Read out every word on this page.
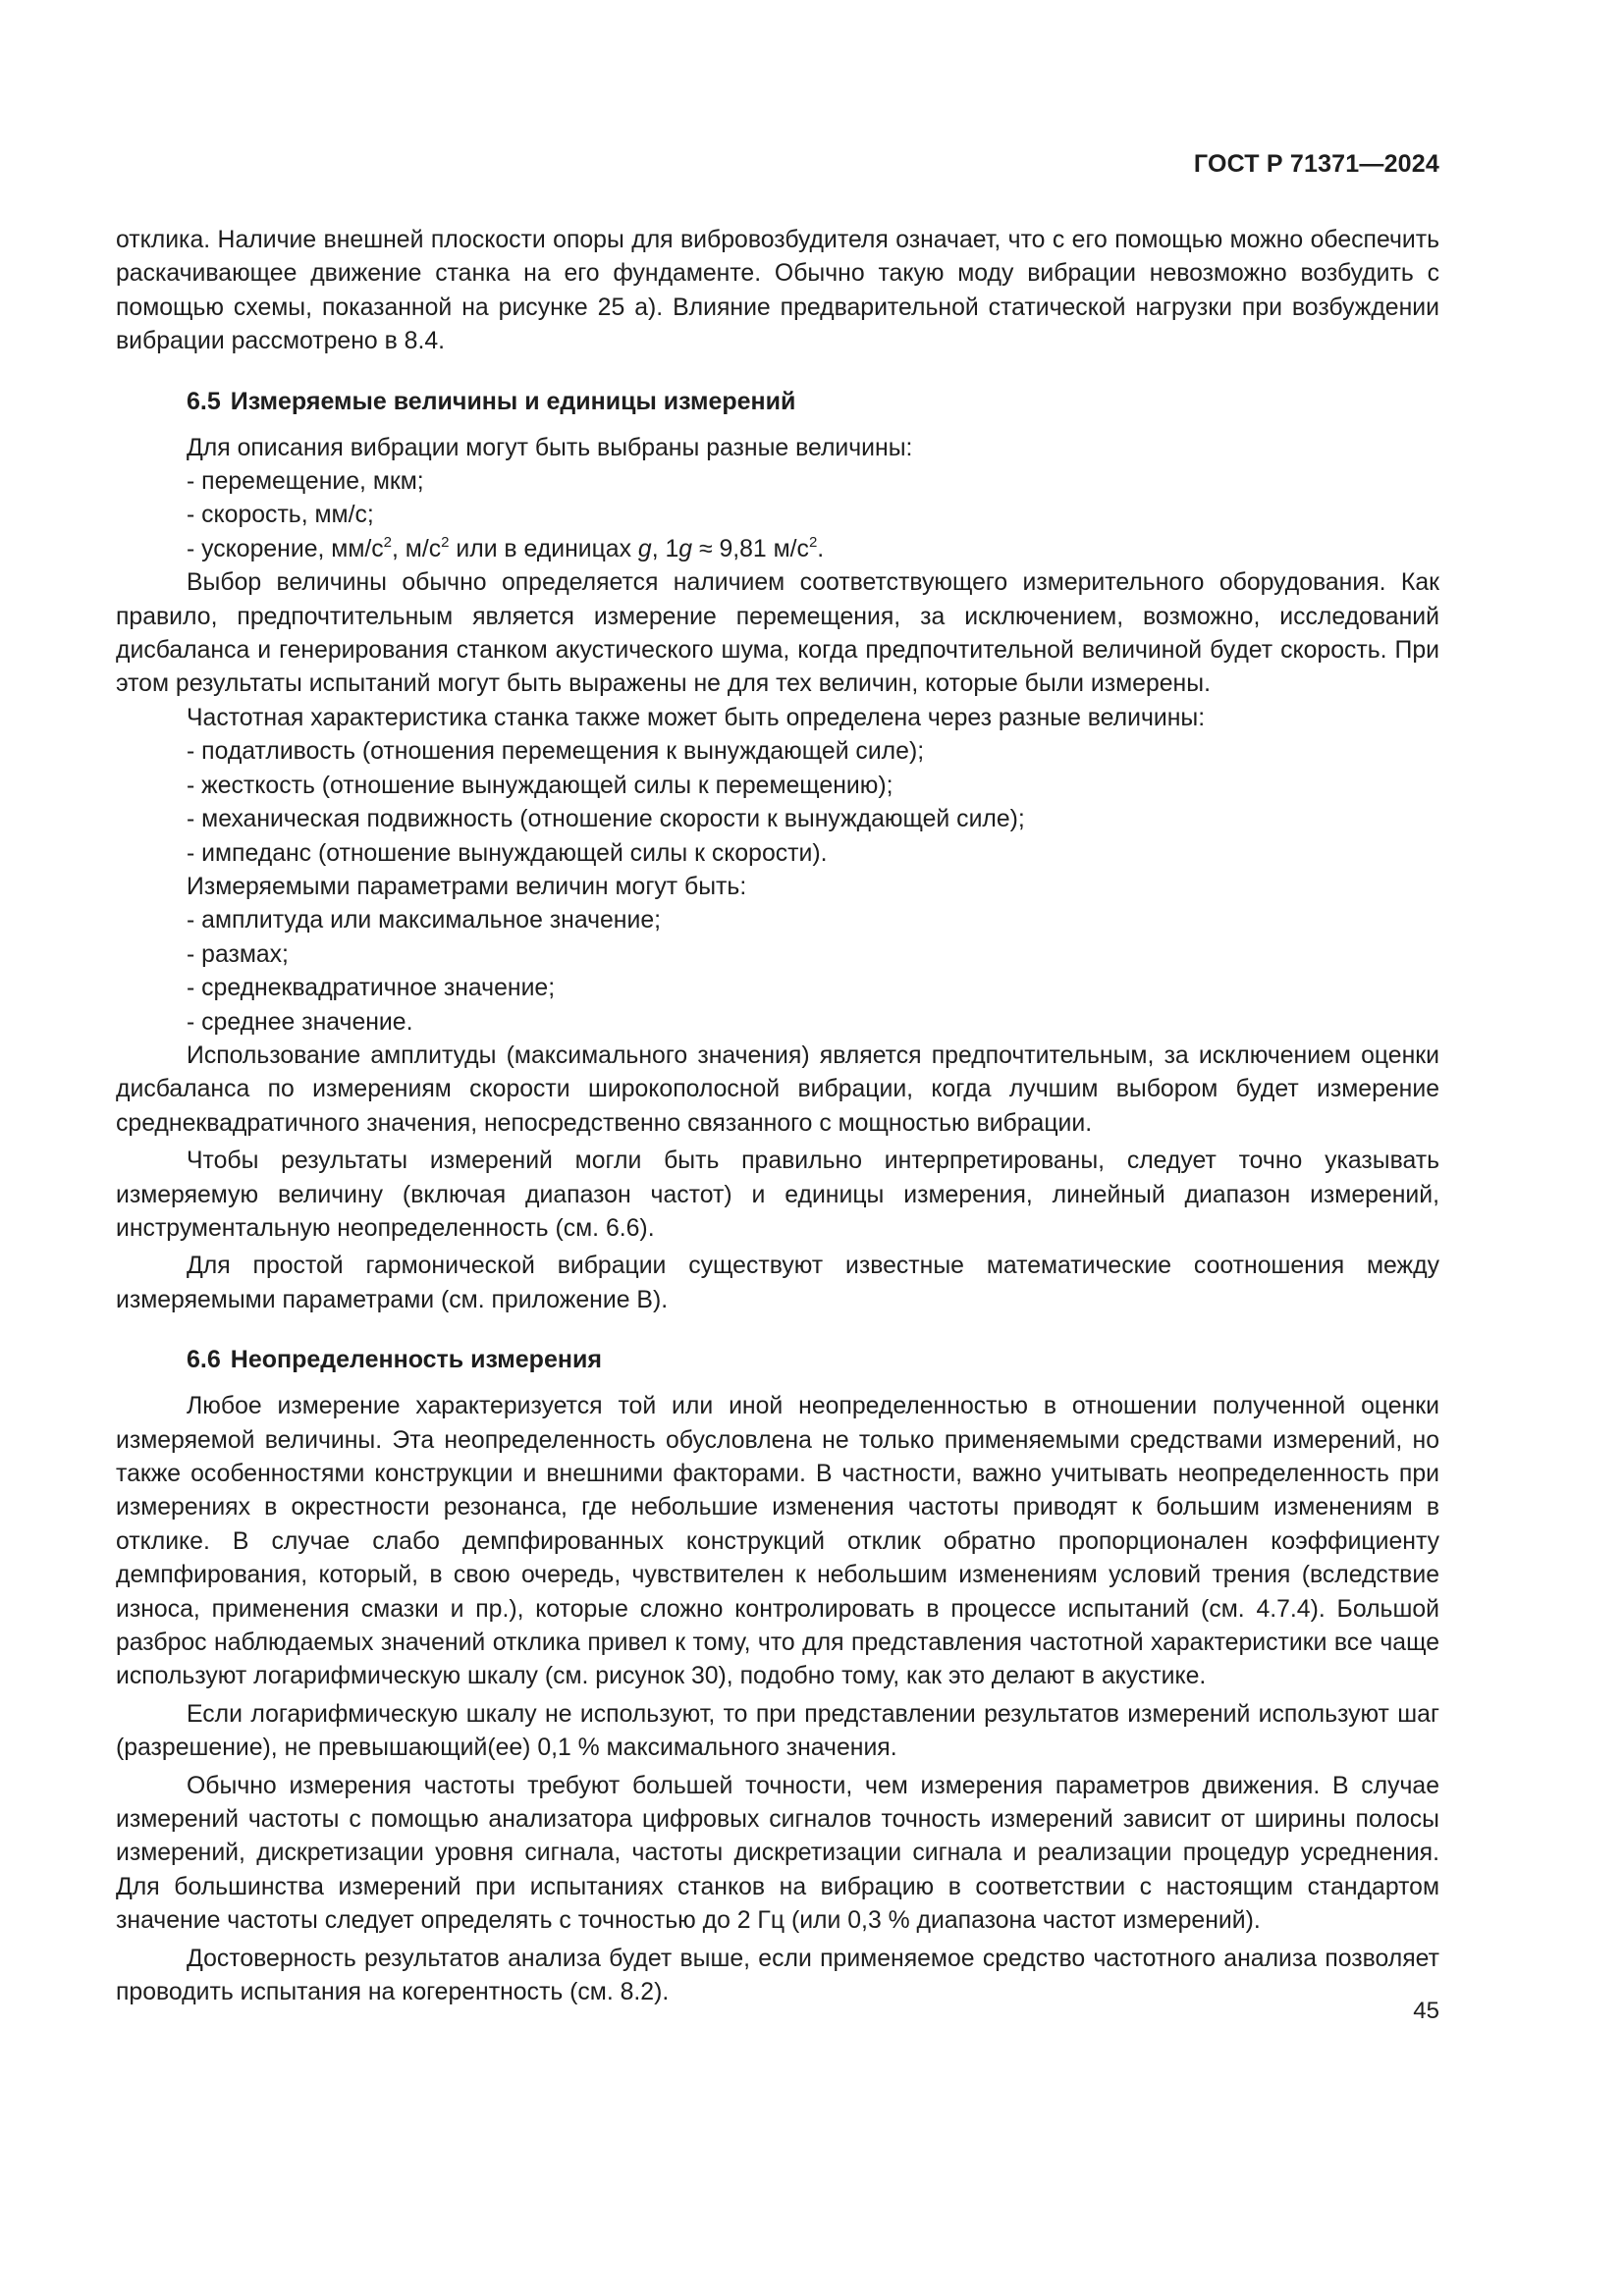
ГОСТ Р 71371—2024

отклика. Наличие внешней плоскости опоры для вибровозбудителя означает, что с его помощью можно обеспечить раскачивающее движение станка на его фундаменте. Обычно такую моду вибрации невозможно возбудить с помощью схемы, показанной на рисунке 25 а). Влияние предварительной статической нагрузки при возбуждении вибрации рассмотрено в 8.4.

6.5 Измеряемые величины и единицы измерений

Для описания вибрации могут быть выбраны разные величины:

- перемещение, мкм;

- скорость, мм/с;

- ускорение, $мм/с^2$, $м/с^2$ или в единицах g, 1g ≈ 9,81 $м/с^2$.

Выбор величины обычно определяется наличием соответствующего измерительного оборудования. Как правило, предпочтительным является измерение перемещения, за исключением, возможно, исследований дисбаланса и генерирования станком акустического шума, когда предпочтительной величиной будет скорость. При этом результаты испытаний могут быть выражены не для тех величин, которые были измерены.

Частотная характеристика станка также может быть определена через разные величины:

- податливость (отношения перемещения к вынуждающей силе);

- жесткость (отношение вынуждающей силы к перемещению);

- механическая подвижность (отношение скорости к вынуждающей силе);

- импеданс (отношение вынуждающей силы к скорости).

Измеряемыми параметрами величин могут быть:

- амплитуда или максимальное значение;

- размах;

- среднеквадратичное значение;

- среднее значение.

Использование амплитуды (максимального значения) является предпочтительным, за исключением оценки дисбаланса по измерениям скорости широкополосной вибрации, когда лучшим выбором будет измерение среднеквадратичного значения, непосредственно связанного с мощностью вибрации.

Чтобы результаты измерений могли быть правильно интерпретированы, следует точно указывать измеряемую величину (включая диапазон частот) и единицы измерения, линейный диапазон измерений, инструментальную неопределенность (см. 6.6).

Для простой гармонической вибрации существуют известные математические соотношения между измеряемыми параметрами (см. приложение В).

6.6 Неопределенность измерения

Любое измерение характеризуется той или иной неопределенностью в отношении полученной оценки измеряемой величины. Эта неопределенность обусловлена не только применяемыми средствами измерений, но также особенностями конструкции и внешними факторами. В частности, важно учитывать неопределенность при измерениях в окрестности резонанса, где небольшие изменения частоты приводят к большим изменениям в отклике. В случае слабо демпфированных конструкций отклик обратно пропорционален коэффициенту демпфирования, который, в свою очередь, чувствителен к небольшим изменениям условий трения (вследствие износа, применения смазки и пр.), которые сложно контролировать в процессе испытаний (см. 4.7.4). Большой разброс наблюдаемых значений отклика привел к тому, что для представления частотной характеристики все чаще используют логарифмическую шкалу (см. рисунок 30), подобно тому, как это делают в акустике.

Если логарифмическую шкалу не используют, то при представлении результатов измерений используют шаг (разрешение), не превышающий(ее) 0,1 % максимального значения.

Обычно измерения частоты требуют большей точности, чем измерения параметров движения. В случае измерений частоты с помощью анализатора цифровых сигналов точность измерений зависит от ширины полосы измерений, дискретизации уровня сигнала, частоты дискретизации сигнала и реализации процедур усреднения. Для большинства измерений при испытаниях станков на вибрацию в соответствии с настоящим стандартом значение частоты следует определять с точностью до 2 Гц (или 0,3 % диапазона частот измерений).

Достоверность результатов анализа будет выше, если применяемое средство частотного анализа позволяет проводить испытания на когерентность (см. 8.2).

45
